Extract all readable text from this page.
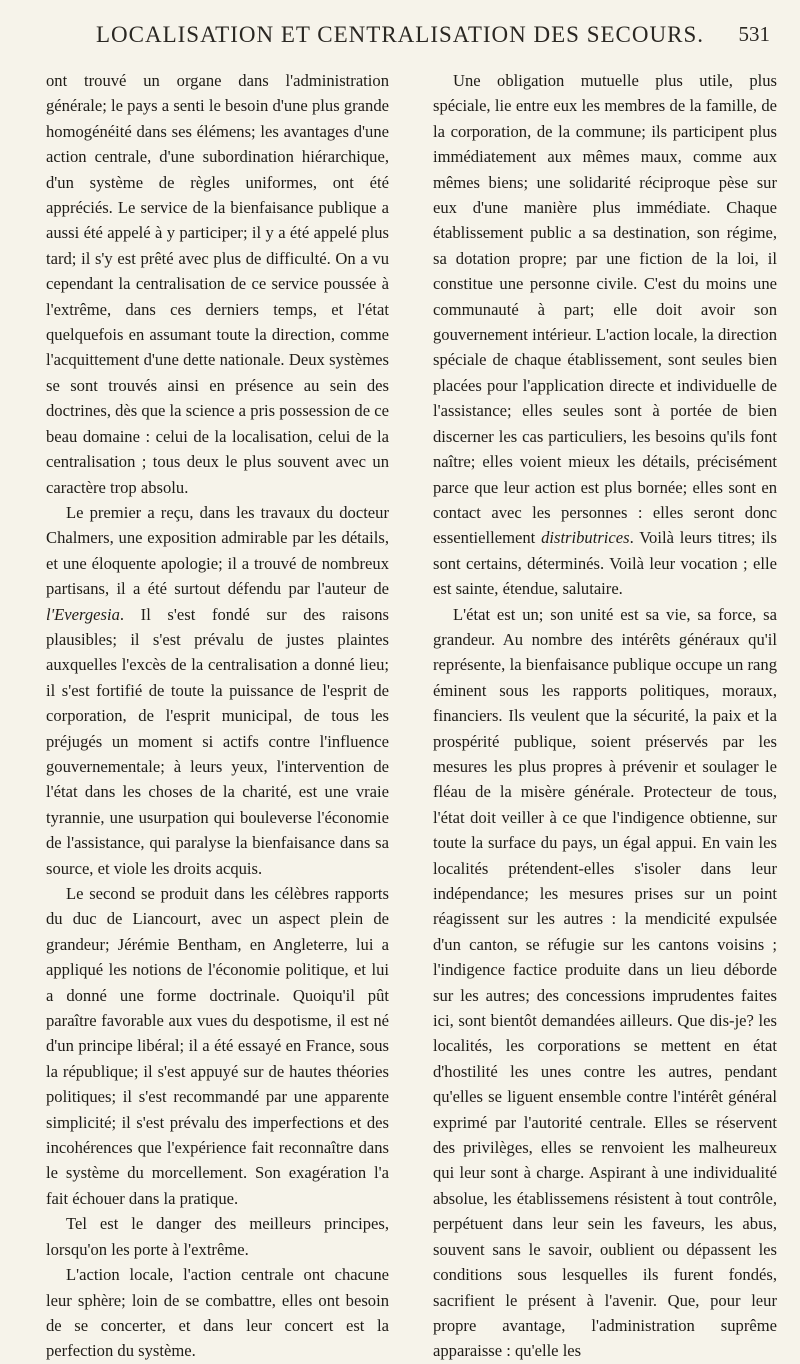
LOCALISATION ET CENTRALISATION DES SECOURS.	531

ont trouvé un organe dans l'administration générale; le pays a senti le besoin d'une plus grande homogénéité dans ses élémens; les avantages d'une action centrale, d'une subordination hiérarchique, d'un système de règles uniformes, ont été appréciés. Le service de la bienfaisance publique a aussi été appelé à y participer; il y a été appelé plus tard; il s'y est prêté avec plus de difficulté. On a vu cependant la centralisation de ce service poussée à l'extrême, dans ces derniers temps, et l'état quelquefois en assumant toute la direction, comme l'acquittement d'une dette nationale. Deux systèmes se sont trouvés ainsi en présence au sein des doctrines, dès que la science a pris possession de ce beau domaine : celui de la localisation, celui de la centralisation ; tous deux le plus souvent avec un caractère trop absolu.

Le premier a reçu, dans les travaux du docteur Chalmers, une exposition admirable par les détails, et une éloquente apologie; il a trouvé de nombreux partisans, il a été surtout défendu par l'auteur de l'Evergesia. Il s'est fondé sur des raisons plausibles; il s'est prévalu de justes plaintes auxquelles l'excès de la centralisation a donné lieu; il s'est fortifié de toute la puissance de l'esprit de corporation, de l'esprit municipal, de tous les préjugés un moment si actifs contre l'influence gouvernementale; à leurs yeux, l'intervention de l'état dans les choses de la charité, est une vraie tyrannie, une usurpation qui bouleverse l'économie de l'assistance, qui paralyse la bienfaisance dans sa source, et viole les droits acquis.

Le second se produit dans les célèbres rapports du duc de Liancourt, avec un aspect plein de grandeur; Jérémie Bentham, en Angleterre, lui a appliqué les notions de l'économie politique, et lui a donné une forme doctrinale. Quoiqu'il pût paraître favorable aux vues du despotisme, il est né d'un principe libéral; il a été essayé en France, sous la république; il s'est appuyé sur de hautes théories politiques; il s'est recommandé par une apparente simplicité; il s'est prévalu des imperfections et des incohérences que l'expérience fait reconnaître dans le système du morcellement. Son exagération l'a fait échouer dans la pratique.

Tel est le danger des meilleurs principes, lorsqu'on les porte à l'extrême.

L'action locale, l'action centrale ont chacune leur sphère; loin de se combattre, elles ont besoin de se concerter, et dans leur concert est la perfection du système.

Une obligation mutuelle plus utile, plus spéciale, lie entre eux les membres de la famille, de la corporation, de la commune; ils participent plus immédiatement aux mêmes maux, comme aux mêmes biens; une solidarité réciproque pèse sur eux d'une manière plus immédiate. Chaque établissement public a sa destination, son régime, sa dotation propre; par une fiction de la loi, il constitue une personne civile. C'est du moins une communauté à part; elle doit avoir son gouvernement intérieur. L'action locale, la direction spéciale de chaque établissement, sont seules bien placées pour l'application directe et individuelle de l'assistance; elles seules sont à portée de bien discerner les cas particuliers, les besoins qu'ils font naître; elles voient mieux les détails, précisément parce que leur action est plus bornée; elles sont en contact avec les personnes : elles seront donc essentiellement distributrices. Voilà leurs titres; ils sont certains, déterminés. Voilà leur vocation ; elle est sainte, étendue, salutaire.

L'état est un; son unité est sa vie, sa force, sa grandeur. Au nombre des intérêts généraux qu'il représente, la bienfaisance publique occupe un rang éminent sous les rapports politiques, moraux, financiers. Ils veulent que la sécurité, la paix et la prospérité publique, soient préservés par les mesures les plus propres à prévenir et soulager le fléau de la misère générale. Protecteur de tous, l'état doit veiller à ce que l'indigence obtienne, sur toute la surface du pays, un égal appui. En vain les localités prétendent-elles s'isoler dans leur indépendance; les mesures prises sur un point réagissent sur les autres : la mendicité expulsée d'un canton, se réfugie sur les cantons voisins ; l'indigence factice produite dans un lieu déborde sur les autres; des concessions imprudentes faites ici, sont bientôt demandées ailleurs. Que dis-je? les localités, les corporations se mettent en état d'hostilité les unes contre les autres, pendant qu'elles se liguent ensemble contre l'intérêt général exprimé par l'autorité centrale. Elles se réservent des privilèges, elles se renvoient les malheureux qui leur sont à charge. Aspirant à une individualité absolue, les établissemens résistent à tout contrôle, perpétuent dans leur sein les faveurs, les abus, souvent sans le savoir, oublient ou dépassent les conditions sous lesquelles ils furent fondés, sacrifient le présent à l'avenir. Que, pour leur propre avantage, l'administration suprême apparaisse : qu'elle les
